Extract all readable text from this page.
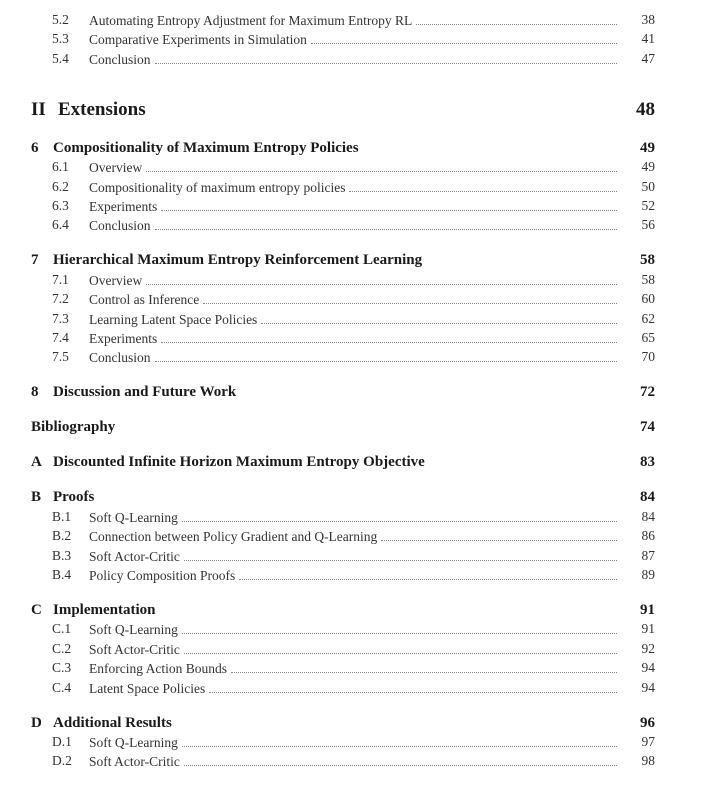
5.2 Automating Entropy Adjustment for Maximum Entropy RL	38
5.3 Comparative Experiments in Simulation	41
5.4 Conclusion	47
II Extensions	48
6 Compositionality of Maximum Entropy Policies	49
6.1 Overview	49
6.2 Compositionality of maximum entropy policies	50
6.3 Experiments	52
6.4 Conclusion	56
7 Hierarchical Maximum Entropy Reinforcement Learning	58
7.1 Overview	58
7.2 Control as Inference	60
7.3 Learning Latent Space Policies	62
7.4 Experiments	65
7.5 Conclusion	70
8 Discussion and Future Work	72
Bibliography	74
A Discounted Infinite Horizon Maximum Entropy Objective	83
B Proofs	84
B.1 Soft Q-Learning	84
B.2 Connection between Policy Gradient and Q-Learning	86
B.3 Soft Actor-Critic	87
B.4 Policy Composition Proofs	89
C Implementation	91
C.1 Soft Q-Learning	91
C.2 Soft Actor-Critic	92
C.3 Enforcing Action Bounds	94
C.4 Latent Space Policies	94
D Additional Results	96
D.1 Soft Q-Learning	97
D.2 Soft Actor-Critic	98
